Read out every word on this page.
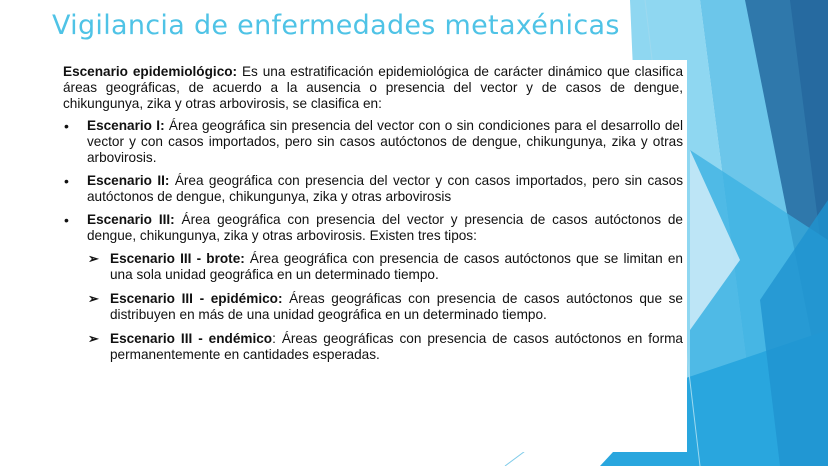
Vigilancia de enfermedades metaxénicas

Escenario epidemiológico: Es una estratificación epidemiológica de carácter dinámico que clasifica áreas geográficas, de acuerdo a la ausencia o presencia del vector y de casos de dengue, chikungunya, zika y otras arbovirosis, se clasifica en:

• Escenario I: Área geográfica sin presencia del vector con o sin condiciones para el desarrollo del vector y con casos importados, pero sin casos autóctonos de dengue, chikungunya, zika y otras arbovirosis.
• Escenario II: Área geográfica con presencia del vector y con casos importados, pero sin casos autóctonos de dengue, chikungunya, zika y otras arbovirosis
• Escenario III: Área geográfica con presencia del vector y presencia de casos autóctonos de dengue, chikungunya, zika y otras arbovirosis. Existen tres tipos:
➢ Escenario III - brote: Área geográfica con presencia de casos autóctonos que se limitan en una sola unidad geográfica en un determinado tiempo.
➢ Escenario III - epidémico: Áreas geográficas con presencia de casos autóctonos que se distribuyen en más de una unidad geográfica en un determinado tiempo.
➢ Escenario III - endémico: Áreas geográficas con presencia de casos autóctonos en forma permanentemente en cantidades esperadas.
